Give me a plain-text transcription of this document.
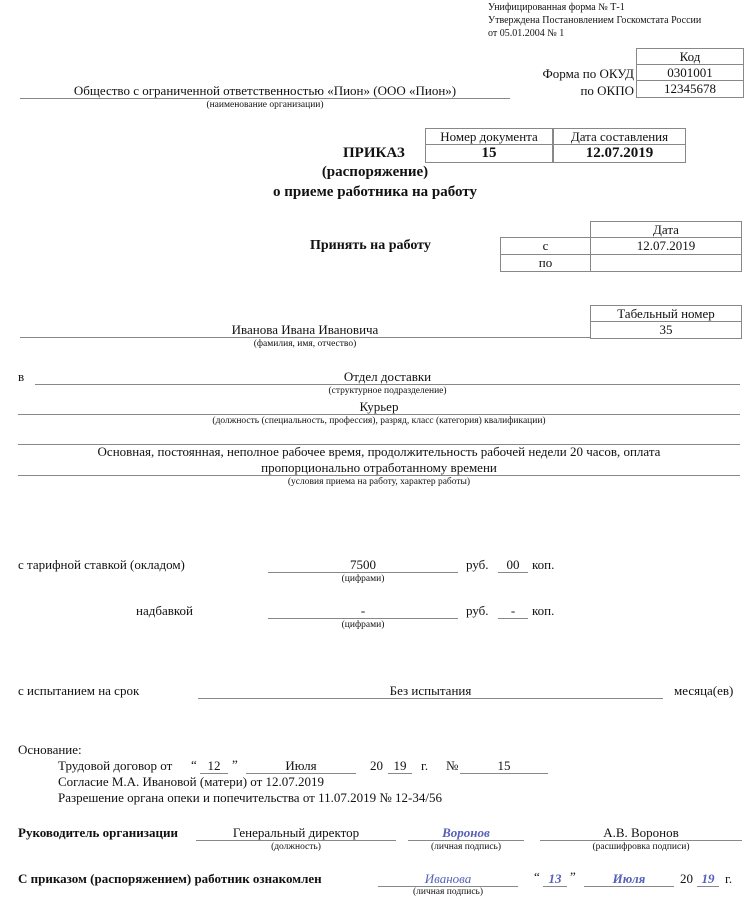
Унифицированная форма № Т-1
Утверждена Постановлением Госкомстата России
от 05.01.2004 № 1
Код
Форма по ОКУД	0301001
по ОКПО	12345678
Общество с ограниченной ответственностью «Пион» (ООО «Пион»)
(наименование организации)
Номер документа	Дата составления
15	12.07.2019
ПРИКАЗ
(распоряжение)
о приеме работника на работу
Принять на работу
Дата
с	12.07.2019
по
Табельный номер
35
Иванова Ивана Ивановича
(фамилия, имя, отчество)
в	Отдел доставки
(структурное подразделение)
Курьер
(должность (специальность, профессия), разряд, класс (категория) квалификации)
Основная, постоянная, неполное рабочее время, продолжительность рабочей недели 20 часов, оплата
пропорционально отработанному времени
(условия приема на работу, характер работы)
с тарифной ставкой (окладом)	7500
(цифрами)
руб.	00 коп.
надбавкой	-
(цифрами)
руб.	-	коп.
с испытанием на срок	Без испытания	месяца(ев)
Основание:
Трудовой договор от “ 12 ”	Июля	20 19	г. №	15
Согласие М.А. Ивановой (матери) от 12.07.2019
Разрешение органа опеки и попечительства от 11.07.2019 № 12-34/56
Руководитель организации	Генеральный директор
(должность)
Воронов
(личная подпись)
А.В. Воронов
(расшифровка подписи)
С приказом (распоряжением) работник ознакомлен	Иванова
(личная подпись)
“ 13 ”	Июля	20 19 г.
